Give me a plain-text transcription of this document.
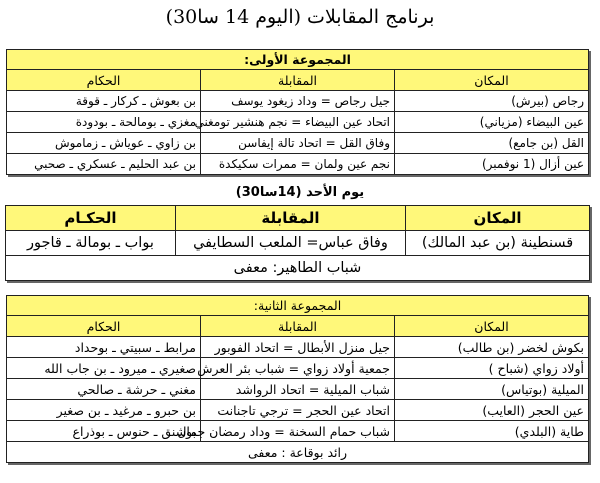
برنامج المقابلات (اليوم 14 سا30)
المجموعة الأولى:		
المكان	المقابلة	الحكام
رجاص (بيرش)	جيل رجاص = وداد زيغود يوسف	بن بعوش ـ كركار ـ قوقة
عين البيضاء (مزياني)	اتحاد عين البيضاء = نجم هنشير تومغني	مغزي ـ بومالحة ـ بودودة
القل (بن جامع)	وفاق القل = اتحاد تالة إيفاسن	بن زاوي ـ عوياش ـ زماموش
عين أزال (1 نوفمبر)	نجم عين ولمان = ممرات سكيكدة	بن عبد الحليم ـ عسكري ـ صحبي
يوم الأحد (14سا30)
المكان	المقابلة	الحكـام
قسنطينة (بن عبد المالك)	وفاق عباس= الملعب السطايفي	بواب ـ بومالة ـ قاجور
شباب الطاهير: معفى		
المجموعة الثانية:		
المكان	المقابلة	الحكام
بكوش لخضر (بن طالب)	جيل منزل الأبطال = اتحاد الفوبور	مرابط ـ سبيتي ـ بوحداد
أولاد زواي (شباح )	جمعية أولاد زواي = شباب بئر العرش	صغيري ـ ميرود ـ بن جاب الله
الميلية (بوتياس)	شباب الميلية = اتحاد الرواشد	مغني ـ حرشة ـ صالحي
عين الحجر (العايب)	اتحاد عين الحجر = ترجي تاجنانت	بن حبرو ـ مرغيد ـ بن صغير
طاية (البلدي)	شباب حمام السخنة = وداد رمضان جمال	بوشنق ـ حنوس ـ بوذراع
رائد بوقاعة : معفى		
